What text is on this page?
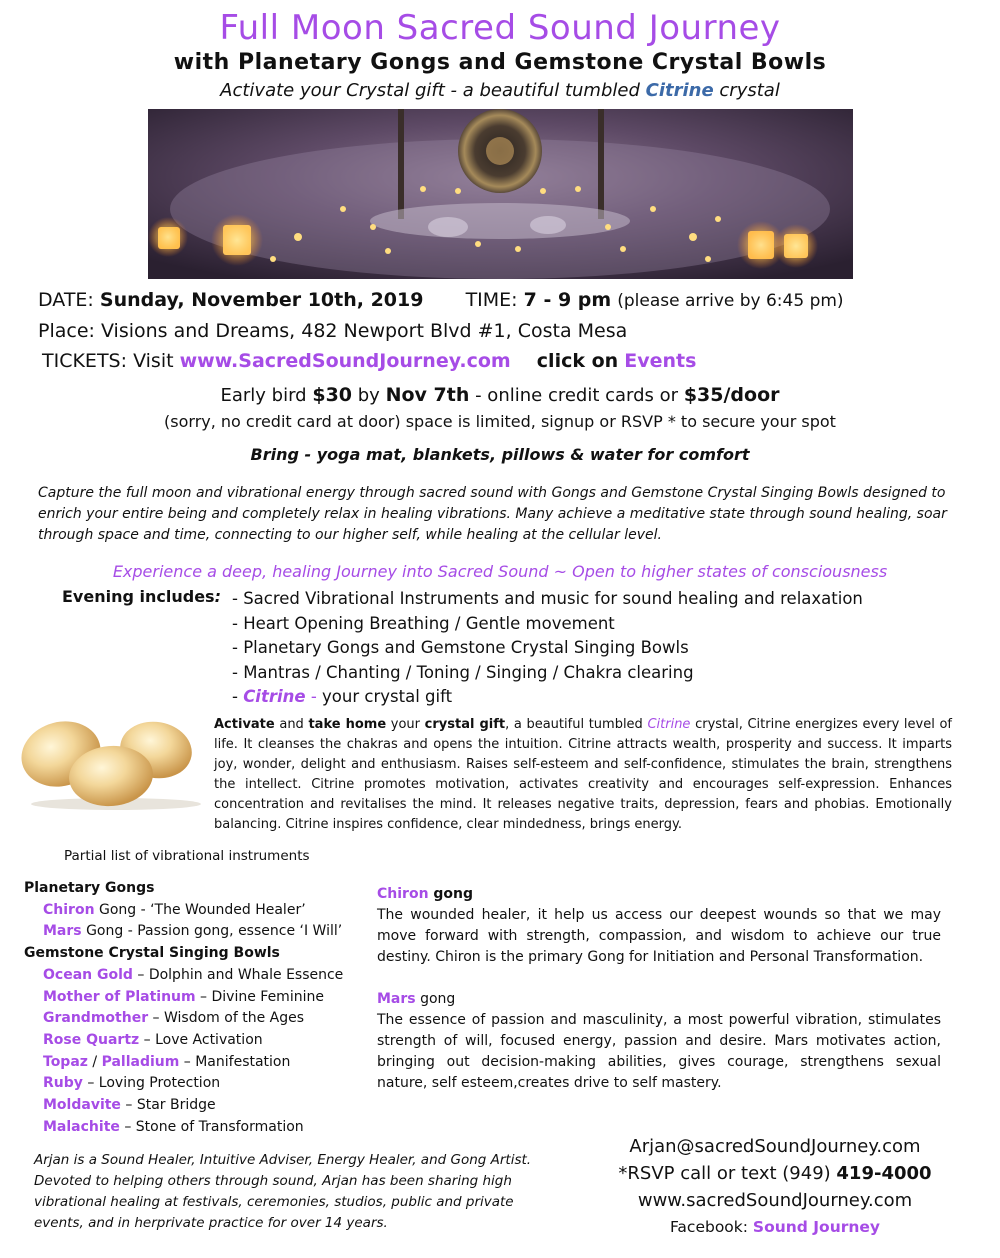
Full Moon Sacred Sound Journey
with Planetary Gongs and Gemstone Crystal Bowls
Activate your Crystal gift - a beautiful tumbled Citrine crystal
DATE: Sunday, November 10th, 2019 TIME: 7 - 9 pm (please arrive by 6:45 pm)
Place: Visions and Dreams, 482 Newport Blvd #1, Costa Mesa
TICKETS: Visit www.SacredSoundJourney.com click on Events
Early bird $30 by Nov 7th - online credit cards or $35/door
(sorry, no credit card at door) space is limited, signup or RSVP * to secure your spot
Bring - yoga mat, blankets, pillows & water for comfort
Capture the full moon and vibrational energy through sacred sound with Gongs and Gemstone Crystal Singing Bowls designed to enrich your entire being and completely relax in healing vibrations. Many achieve a meditative state through sound healing, soar through space and time, connecting to our higher self, while healing at the cellular level.
Experience a deep, healing Journey into Sacred Sound ~ Open to higher states of consciousness
Evening includes: - Sacred Vibrational Instruments and music for sound healing and relaxation
- Heart Opening Breathing / Gentle movement
- Planetary Gongs and Gemstone Crystal Singing Bowls
- Mantras / Chanting / Toning / Singing / Chakra clearing
- Citrine - your crystal gift
Activate and take home your crystal gift, a beautiful tumbled Citrine crystal, Citrine energizes every level of life. It cleanses the chakras and opens the intuition. Citrine attracts wealth, prosperity and success. It imparts joy, wonder, delight and enthusiasm. Raises self-esteem and self-confidence, stimulates the brain, strengthens the intellect. Citrine promotes motivation, activates creativity and encourages self-expression. Enhances concentration and revitalises the mind. It releases negative traits, depression, fears and phobias. Emotionally balancing. Citrine inspires confidence, clear mindedness, brings energy.
Partial list of vibrational instruments
Planetary Gongs
Chiron Gong - ‘The Wounded Healer’
Mars Gong - Passion gong, essence ‘I Will’
Gemstone Crystal Singing Bowls
Ocean Gold – Dolphin and Whale Essence
Mother of Platinum – Divine Feminine
Grandmother – Wisdom of the Ages
Rose Quartz – Love Activation
Topaz / Palladium – Manifestation
Ruby – Loving Protection
Moldavite – Star Bridge
Malachite – Stone of Transformation
Chiron gong

The wounded healer, it help us access our deepest wounds so that we may move forward with strength, compassion, and wisdom to achieve our true destiny. Chiron is the primary Gong for Initiation and Personal Transformation.

Mars gong

The essence of passion and masculinity, a most powerful vibration, stimulates strength of will, focused energy, passion and desire. Mars motivates action, bringing out decision-making abilities, gives courage, strengthens sexual nature, self esteem,creates drive to self mastery.

Arjan is a Sound Healer, Intuitive Adviser, Energy Healer, and Gong Artist. Devoted to helping others through sound, Arjan has been sharing high vibrational healing at festivals, ceremonies, studios, public and private events, and in herprivate practice for over 14 years.
Arjan@sacredSoundJourney.com
*RSVP call or text (949) 419-4000
www.sacredSoundJourney.com
Facebook: Sound Journey
